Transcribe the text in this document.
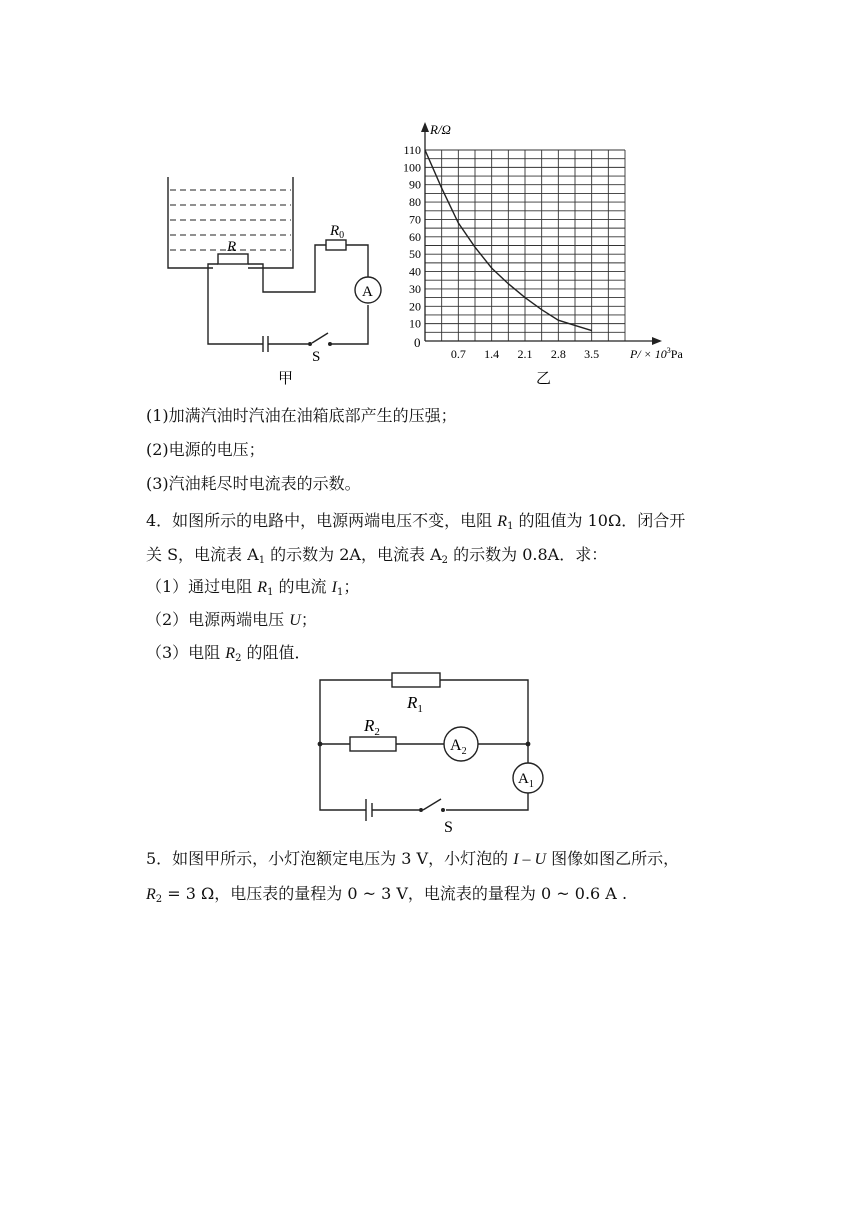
R
$R_0$
A
S
甲
10
20
30
40
50
60
70
80
90
100
110
0.7 1.4 2.1 2.8 3.5
R/Ω
$P/ \times 10^3Pa$
0
乙
(1)加满汽油时汽油在油箱底部产生的压强；
(2)电源的电压；
(3)汽油耗尽时电流表的示数。
4．如图所示的电路中，电源两端电压不变，电阻 $R_1$ 的阻值为 10Ω．闭合开
关 S，电流表 $A_1$ 的示数为 2A，电流表 $A_2$ 的示数为 0.8A．求：
（1）通过电阻 $R_1$ 的电流 $I_1$；
（2）电源两端电压 U；
（3）电阻 $R_2$ 的阻值．
$R_1$
$R_2$
$A_2$
$A_1$
S
5．如图甲所示，小灯泡额定电压为 3 V，小灯泡的 I – U 图像如图乙所示，
$R_2 = 3$ Ω，电压表的量程为 0 ~ 3 V，电流表的量程为 0 ~ 0.6 A .
